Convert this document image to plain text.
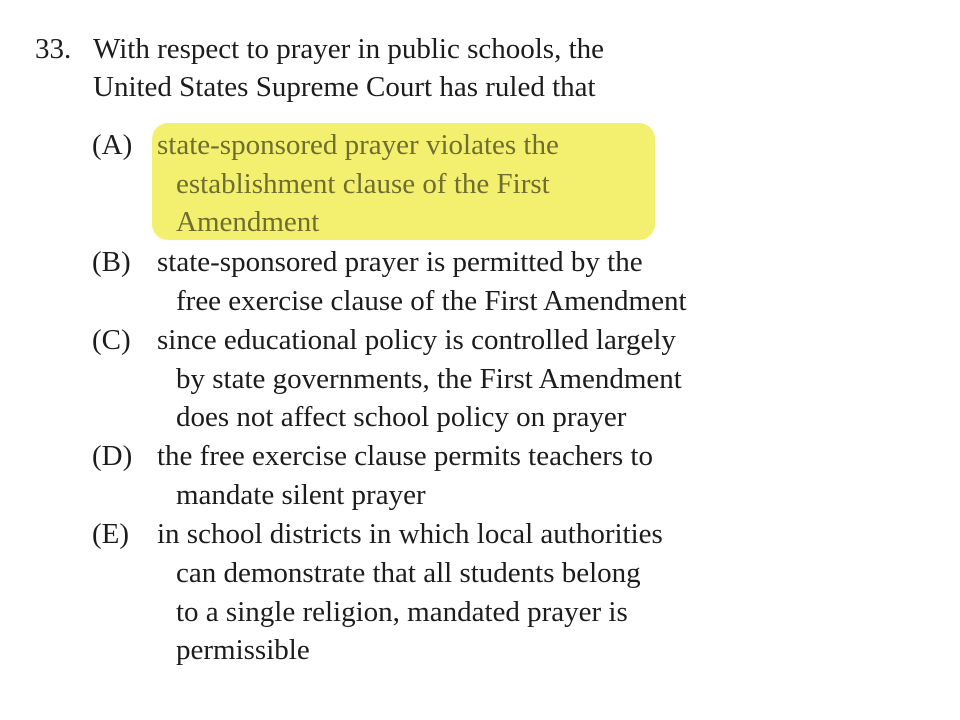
33. With respect to prayer in public schools, the
United States Supreme Court has ruled that
(A) state-sponsored prayer violates the
establishment clause of the First
Amendment
(B) state-sponsored prayer is permitted by the
free exercise clause of the First Amendment
(C) since educational policy is controlled largely
by state governments, the First Amendment
does not affect school policy on prayer
(D) the free exercise clause permits teachers to
mandate silent prayer
(E) in school districts in which local authorities
can demonstrate that all students belong
to a single religion, mandated prayer is
permissible
